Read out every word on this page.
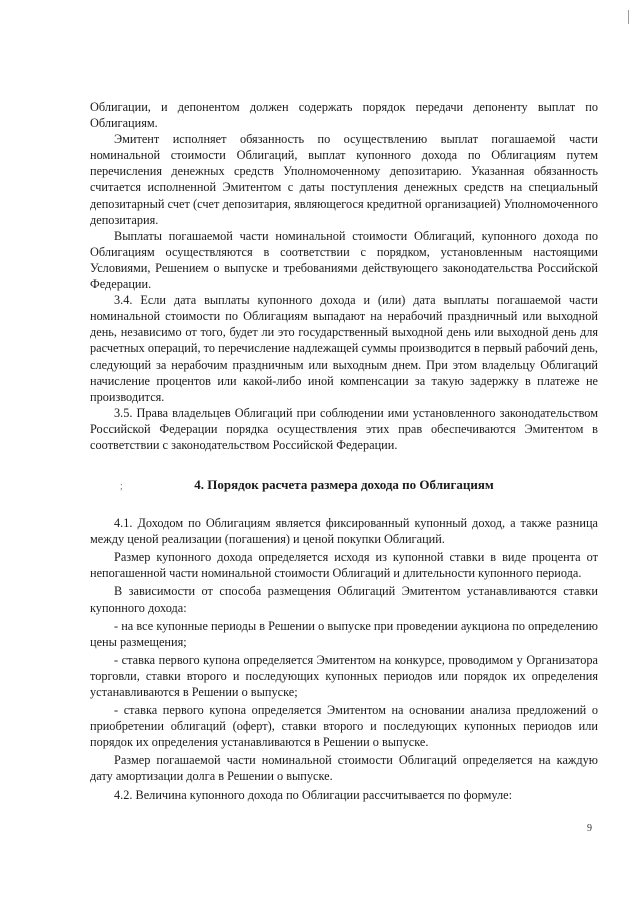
Облигации, и депонентом должен содержать порядок передачи депоненту выплат по Облигациям.

Эмитент исполняет обязанность по осуществлению выплат погашаемой части номинальной стоимости Облигаций, выплат купонного дохода по Облигациям путем перечисления денежных средств Уполномоченному депозитарию. Указанная обязанность считается исполненной Эмитентом с даты поступления денежных средств на специальный депозитарный счет (счет депозитария, являющегося кредитной организацией) Уполномоченного депозитария.

Выплаты погашаемой части номинальной стоимости Облигаций, купонного дохода по Облигациям осуществляются в соответствии с порядком, установленным настоящими Условиями, Решением о выпуске и требованиями действующего законодательства Российской Федерации.

3.4. Если дата выплаты купонного дохода и (или) дата выплаты погашаемой части номинальной стоимости по Облигациям выпадают на нерабочий праздничный или выходной день, независимо от того, будет ли это государственный выходной день или выходной день для расчетных операций, то перечисление надлежащей суммы производится в первый рабочий день, следующий за нерабочим праздничным или выходным днем. При этом владельцу Облигаций начисление процентов или какой-либо иной компенсации за такую задержку в платеже не производится.

3.5. Права владельцев Облигаций при соблюдении ими установленного законодательством Российской Федерации порядка осуществления этих прав обеспечиваются Эмитентом в соответствии с законодательством Российской Федерации.

;	4. Порядок расчета размера дохода по Облигациям

4.1. Доходом по Облигациям является фиксированный купонный доход, а также разница между ценой реализации (погашения) и ценой покупки Облигаций.

Размер купонного дохода определяется исходя из купонной ставки в виде процента от непогашенной части номинальной стоимости Облигаций и длительности купонного периода.

В зависимости от способа размещения Облигаций Эмитентом устанавливаются ставки купонного дохода:

- на все купонные периоды в Решении о выпуске при проведении аукциона по определению цены размещения;

- ставка первого купона определяется Эмитентом на конкурсе, проводимом у Организатора торговли, ставки второго и последующих купонных периодов или порядок их определения устанавливаются в Решении о выпуске;

- ставка первого купона определяется Эмитентом на основании анализа предложений о приобретении облигаций (оферт), ставки второго и последующих купонных периодов или порядок их определения устанавливаются в Решении о выпуске.

Размер погашаемой части номинальной стоимости Облигаций определяется на каждую дату амортизации долга в Решении о выпуске.

4.2. Величина купонного дохода по Облигации рассчитывается по формуле:

9
